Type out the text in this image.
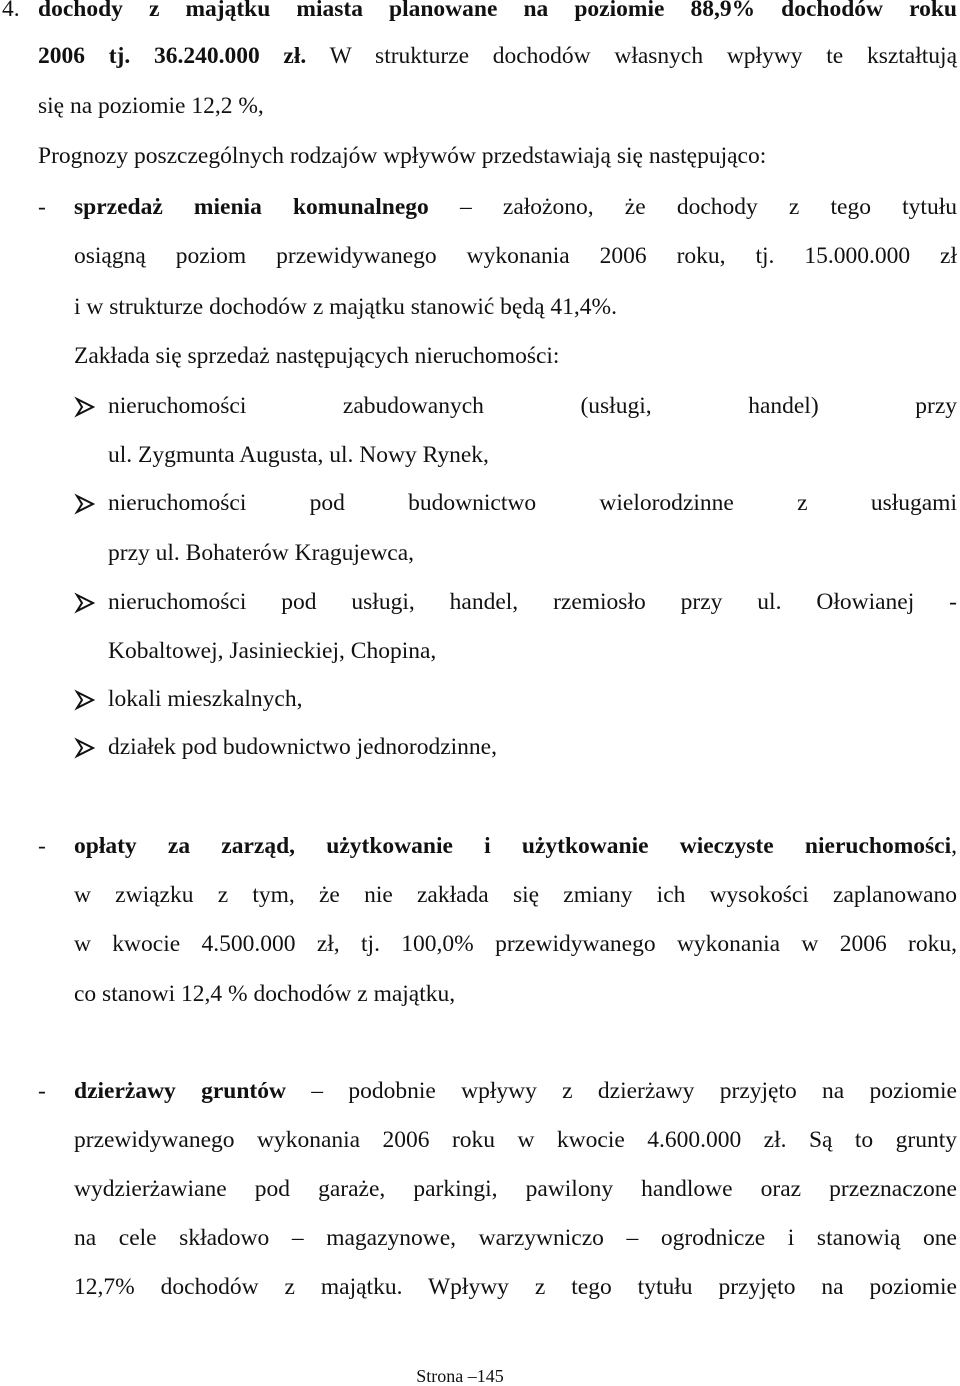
4. dochody z majątku miasta planowane na poziomie 88,9% dochodów roku
2006 tj. 36.240.000 zł. W strukturze dochodów własnych wpływy te kształtują
się na poziomie 12,2 %,
Prognozy poszczególnych rodzajów wpływów przedstawiają się następująco:
- sprzedaż mienia komunalnego – założono, że dochody z tego tytułu
osiągną poziom przewidywanego wykonania 2006 roku, tj. 15.000.000 zł
i w strukturze dochodów z majątku stanowić będą 41,4%.
Zakłada się sprzedaż następujących nieruchomości:
nieruchomości zabudowanych (usługi, handel) przy
ul. Zygmunta Augusta, ul. Nowy Rynek,
nieruchomości pod budownictwo wielorodzinne z usługami
przy ul. Bohaterów Kragujewca,
nieruchomości pod usługi, handel, rzemiosło przy ul. Ołowianej -
Kobaltowej, Jasinieckiej, Chopina,
lokali mieszkalnych,
działek pod budownictwo jednorodzinne,
- opłaty za zarząd, użytkowanie i użytkowanie wieczyste nieruchomości,
w związku z tym, że nie zakłada się zmiany ich wysokości zaplanowano
w kwocie 4.500.000 zł, tj. 100,0% przewidywanego wykonania w 2006 roku,
co stanowi 12,4 % dochodów z majątku,
- dzierżawy gruntów – podobnie wpływy z dzierżawy przyjęto na poziomie
przewidywanego wykonania 2006 roku w kwocie 4.600.000 zł. Są to grunty
wydzierżawiane pod garaże, parkingi, pawilony handlowe oraz przeznaczone
na cele składowo – magazynowe, warzywniczo – ogrodnicze i stanowią one
12,7% dochodów z majątku. Wpływy z tego tytułu przyjęto na poziomie
Strona –145
